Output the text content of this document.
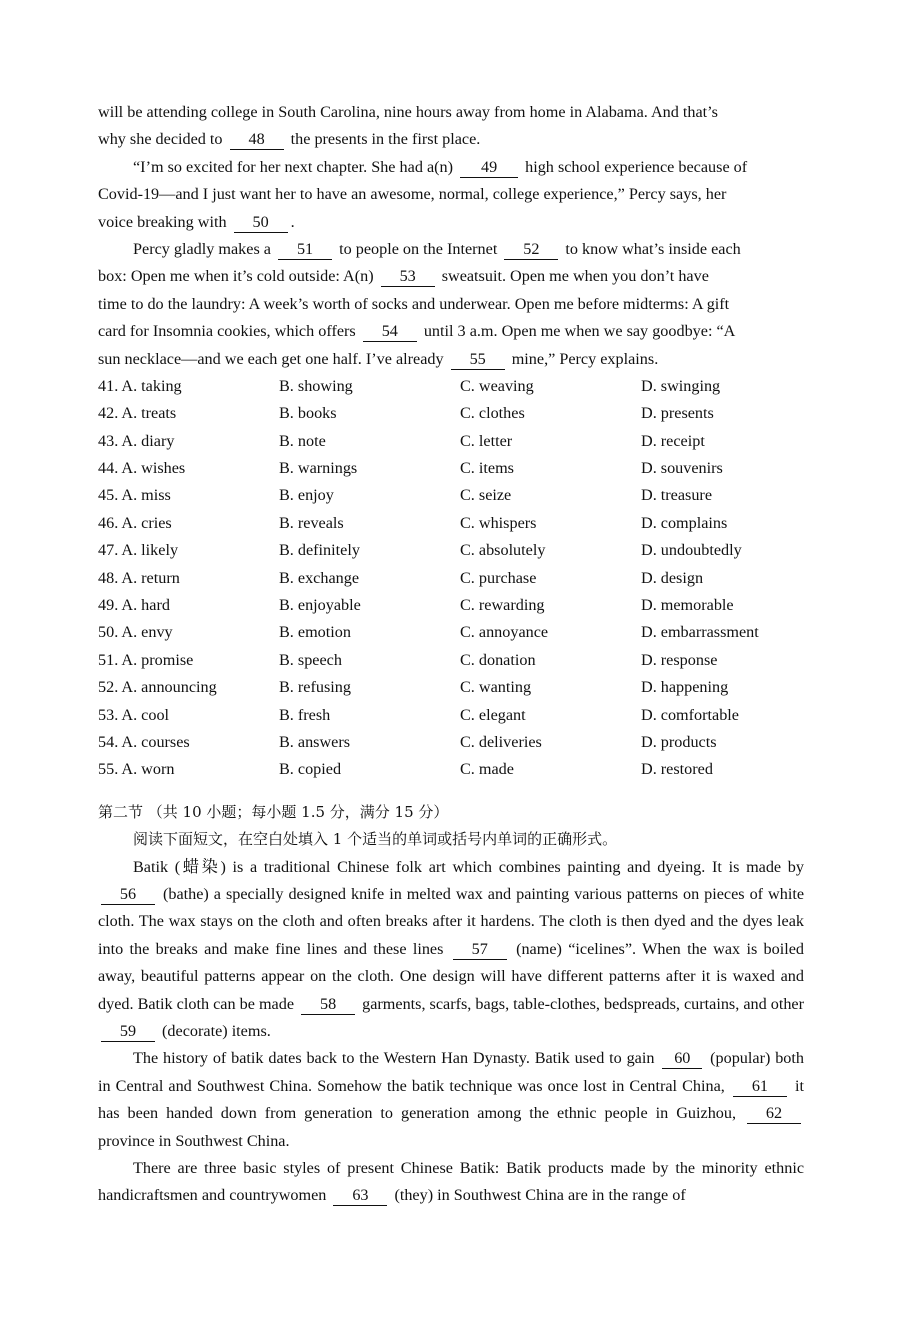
will be attending college in South Carolina, nine hours away from home in Alabama. And that’s
why she decided to 48 the presents in the first place.
“I’m so excited for her next chapter. She had a(n) 49 high school experience because of
Covid-19—and I just want her to have an awesome, normal, college experience,” Percy says, her
voice breaking with 50 .
Percy gladly makes a 51 to people on the Internet 52 to know what’s inside each
box: Open me when it’s cold outside: A(n) 53 sweatsuit. Open me when you don’t have
time to do the laundry: A week’s worth of socks and underwear. Open me before midterms: A gift
card for Insomnia cookies, which offers 54 until 3 a.m. Open me when we say goodbye: “A
sun necklace—and we each get one half. I’ve already 55 mine,” Percy explains.
41. A. taking	B. showing	C. weaving	D. swinging
42. A. treats	B. books	C. clothes	D. presents
43. A. diary	B. note	C. letter	D. receipt
44. A. wishes	B. warnings	C. items	D. souvenirs
45. A. miss	B. enjoy	C. seize	D. treasure
46. A. cries	B. reveals	C. whispers	D. complains
47. A. likely	B. definitely	C. absolutely	D. undoubtedly
48. A. return	B. exchange	C. purchase	D. design
49. A. hard	B. enjoyable	C. rewarding	D. memorable
50. A. envy	B. emotion	C. annoyance	D. embarrassment
51. A. promise	B. speech	C. donation	D. response
52. A. announcing	B. refusing	C. wanting	D. happening
53. A. cool	B. fresh	C. elegant	D. comfortable
54. A. courses	B. answers	C. deliveries	D. products
55. A. worn	B. copied	C. made	D. restored
第二节 （共 10 小题；每小题 1.5 分，满分 15 分）
阅读下面短文，在空白处填入 1 个适当的单词或括号内单词的正确形式。

Batik (蜡染) is a traditional Chinese folk art which combines painting and dyeing. It is made by 56 (bathe) a specially designed knife in melted wax and painting various patterns on pieces of white cloth. The wax stays on the cloth and often breaks after it hardens. The cloth is then dyed and the dyes leak into the breaks and make fine lines and these lines 57 (name) “icelines”. When the wax is boiled away, beautiful patterns appear on the cloth. One design will have different patterns after it is waxed and dyed. Batik cloth can be made 58 garments, scarfs, bags, table-clothes, bedspreads, curtains, and other 59 (decorate) items.

The history of batik dates back to the Western Han Dynasty. Batik used to gain 60 (popular) both in Central and Southwest China. Somehow the batik technique was once lost in Central China, 61 it has been handed down from generation to generation among the ethnic people in Guizhou, 62 province in Southwest China.

There are three basic styles of present Chinese Batik: Batik products made by the minority ethnic handicraftsmen and countrywomen 63 (they) in Southwest China are in the range of
